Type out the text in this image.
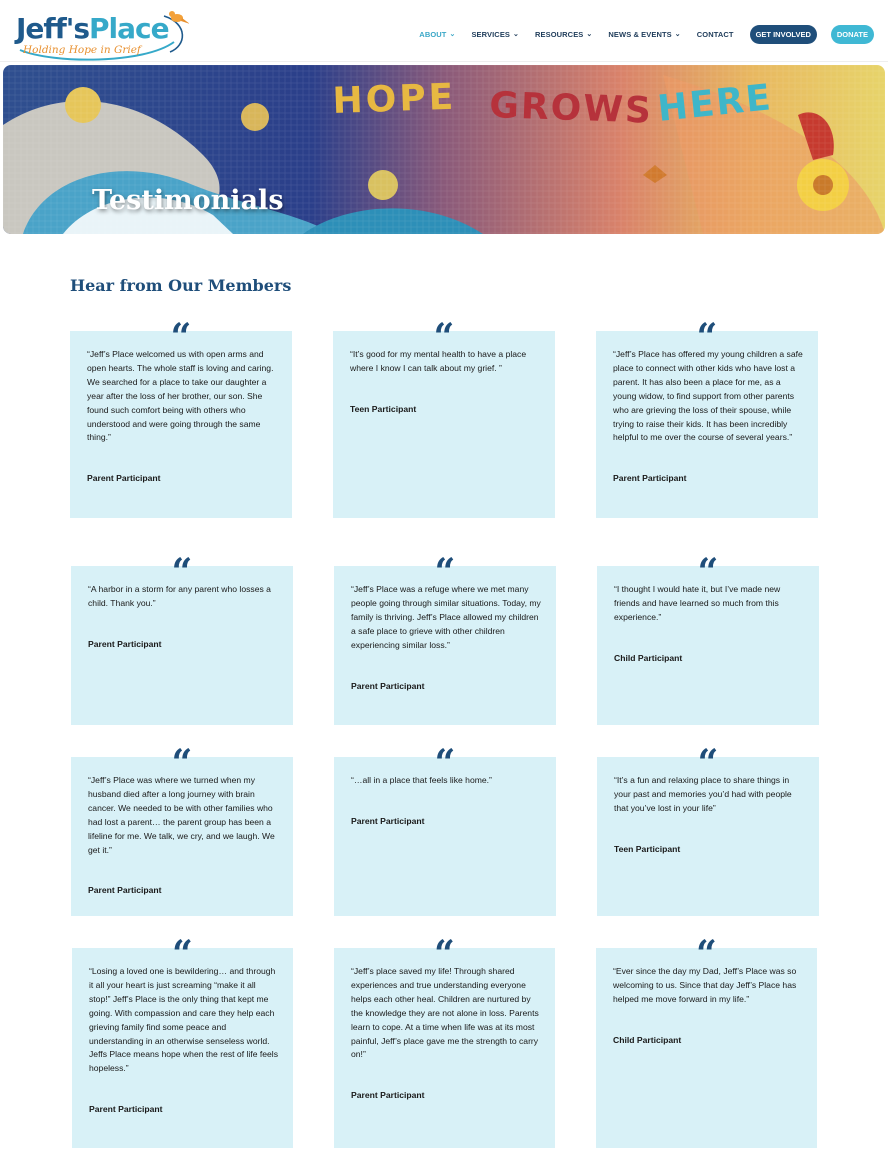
Jeff'sPlace
Holding Hope in Grief
ABOUT ⌄ SERVICES ⌄ RESOURCES ⌄ NEWS & EVENTS ⌄ CONTACT	GET INVOLVED	DONATE
HOPE GROWS HERE
Testimonials
Hear from Our Members
“
“Jeff’s Place welcomed us with open arms and open hearts. The whole staff is loving and caring. We searched for a place to take our daughter a year after the loss of her brother, our son. She found such comfort being with others who understood and were going through the same thing.”
Parent Participant
“
“It’s good for my mental health to have a place where I know I can talk about my grief. ”
Teen Participant
“
“Jeff’s Place has offered my young children a safe place to connect with other kids who have lost a parent. It has also been a place for me, as a young widow, to find support from other parents who are grieving the loss of their spouse, while trying to raise their kids. It has been incredibly helpful to me over the course of several years.”
Parent Participant
“
“A harbor in a storm for any parent who losses a child. Thank you.”
Parent Participant
“
“Jeff’s Place was a refuge where we met many people going through similar situations. Today, my family is thriving. Jeff’s Place allowed my children a safe place to grieve with other children experiencing similar loss.”
Parent Participant
“
“I thought I would hate it, but I’ve made new friends and have learned so much from this experience.”
Child Participant
“
“Jeff’s Place was where we turned when my husband died after a long journey with brain cancer. We needed to be with other families who had lost a parent… the parent group has been a lifeline for me. We talk, we cry, and we laugh. We get it.”
Parent Participant
“
“…all in a place that feels like home.”
Parent Participant
“
“It’s a fun and relaxing place to share things in your past and memories you’d had with people that you’ve lost in your life”
Teen Participant
“
“Losing a loved one is bewildering… and through it all your heart is just screaming “make it all stop!” Jeff’s Place is the only thing that kept me going. With compassion and care they help each grieving family find some peace and understanding in an otherwise senseless world. Jeffs Place means hope when the rest of life feels hopeless.”
Parent Participant
“
“Jeff’s place saved my life! Through shared experiences and true understanding everyone helps each other heal. Children are nurtured by the knowledge they are not alone in loss. Parents learn to cope. At a time when life was at its most painful, Jeff’s place gave me the strength to carry on!”
Parent Participant
“
“Ever since the day my Dad, Jeff’s Place was so welcoming to us. Since that day Jeff’s Place has helped me move forward in my life.”
Child Participant
